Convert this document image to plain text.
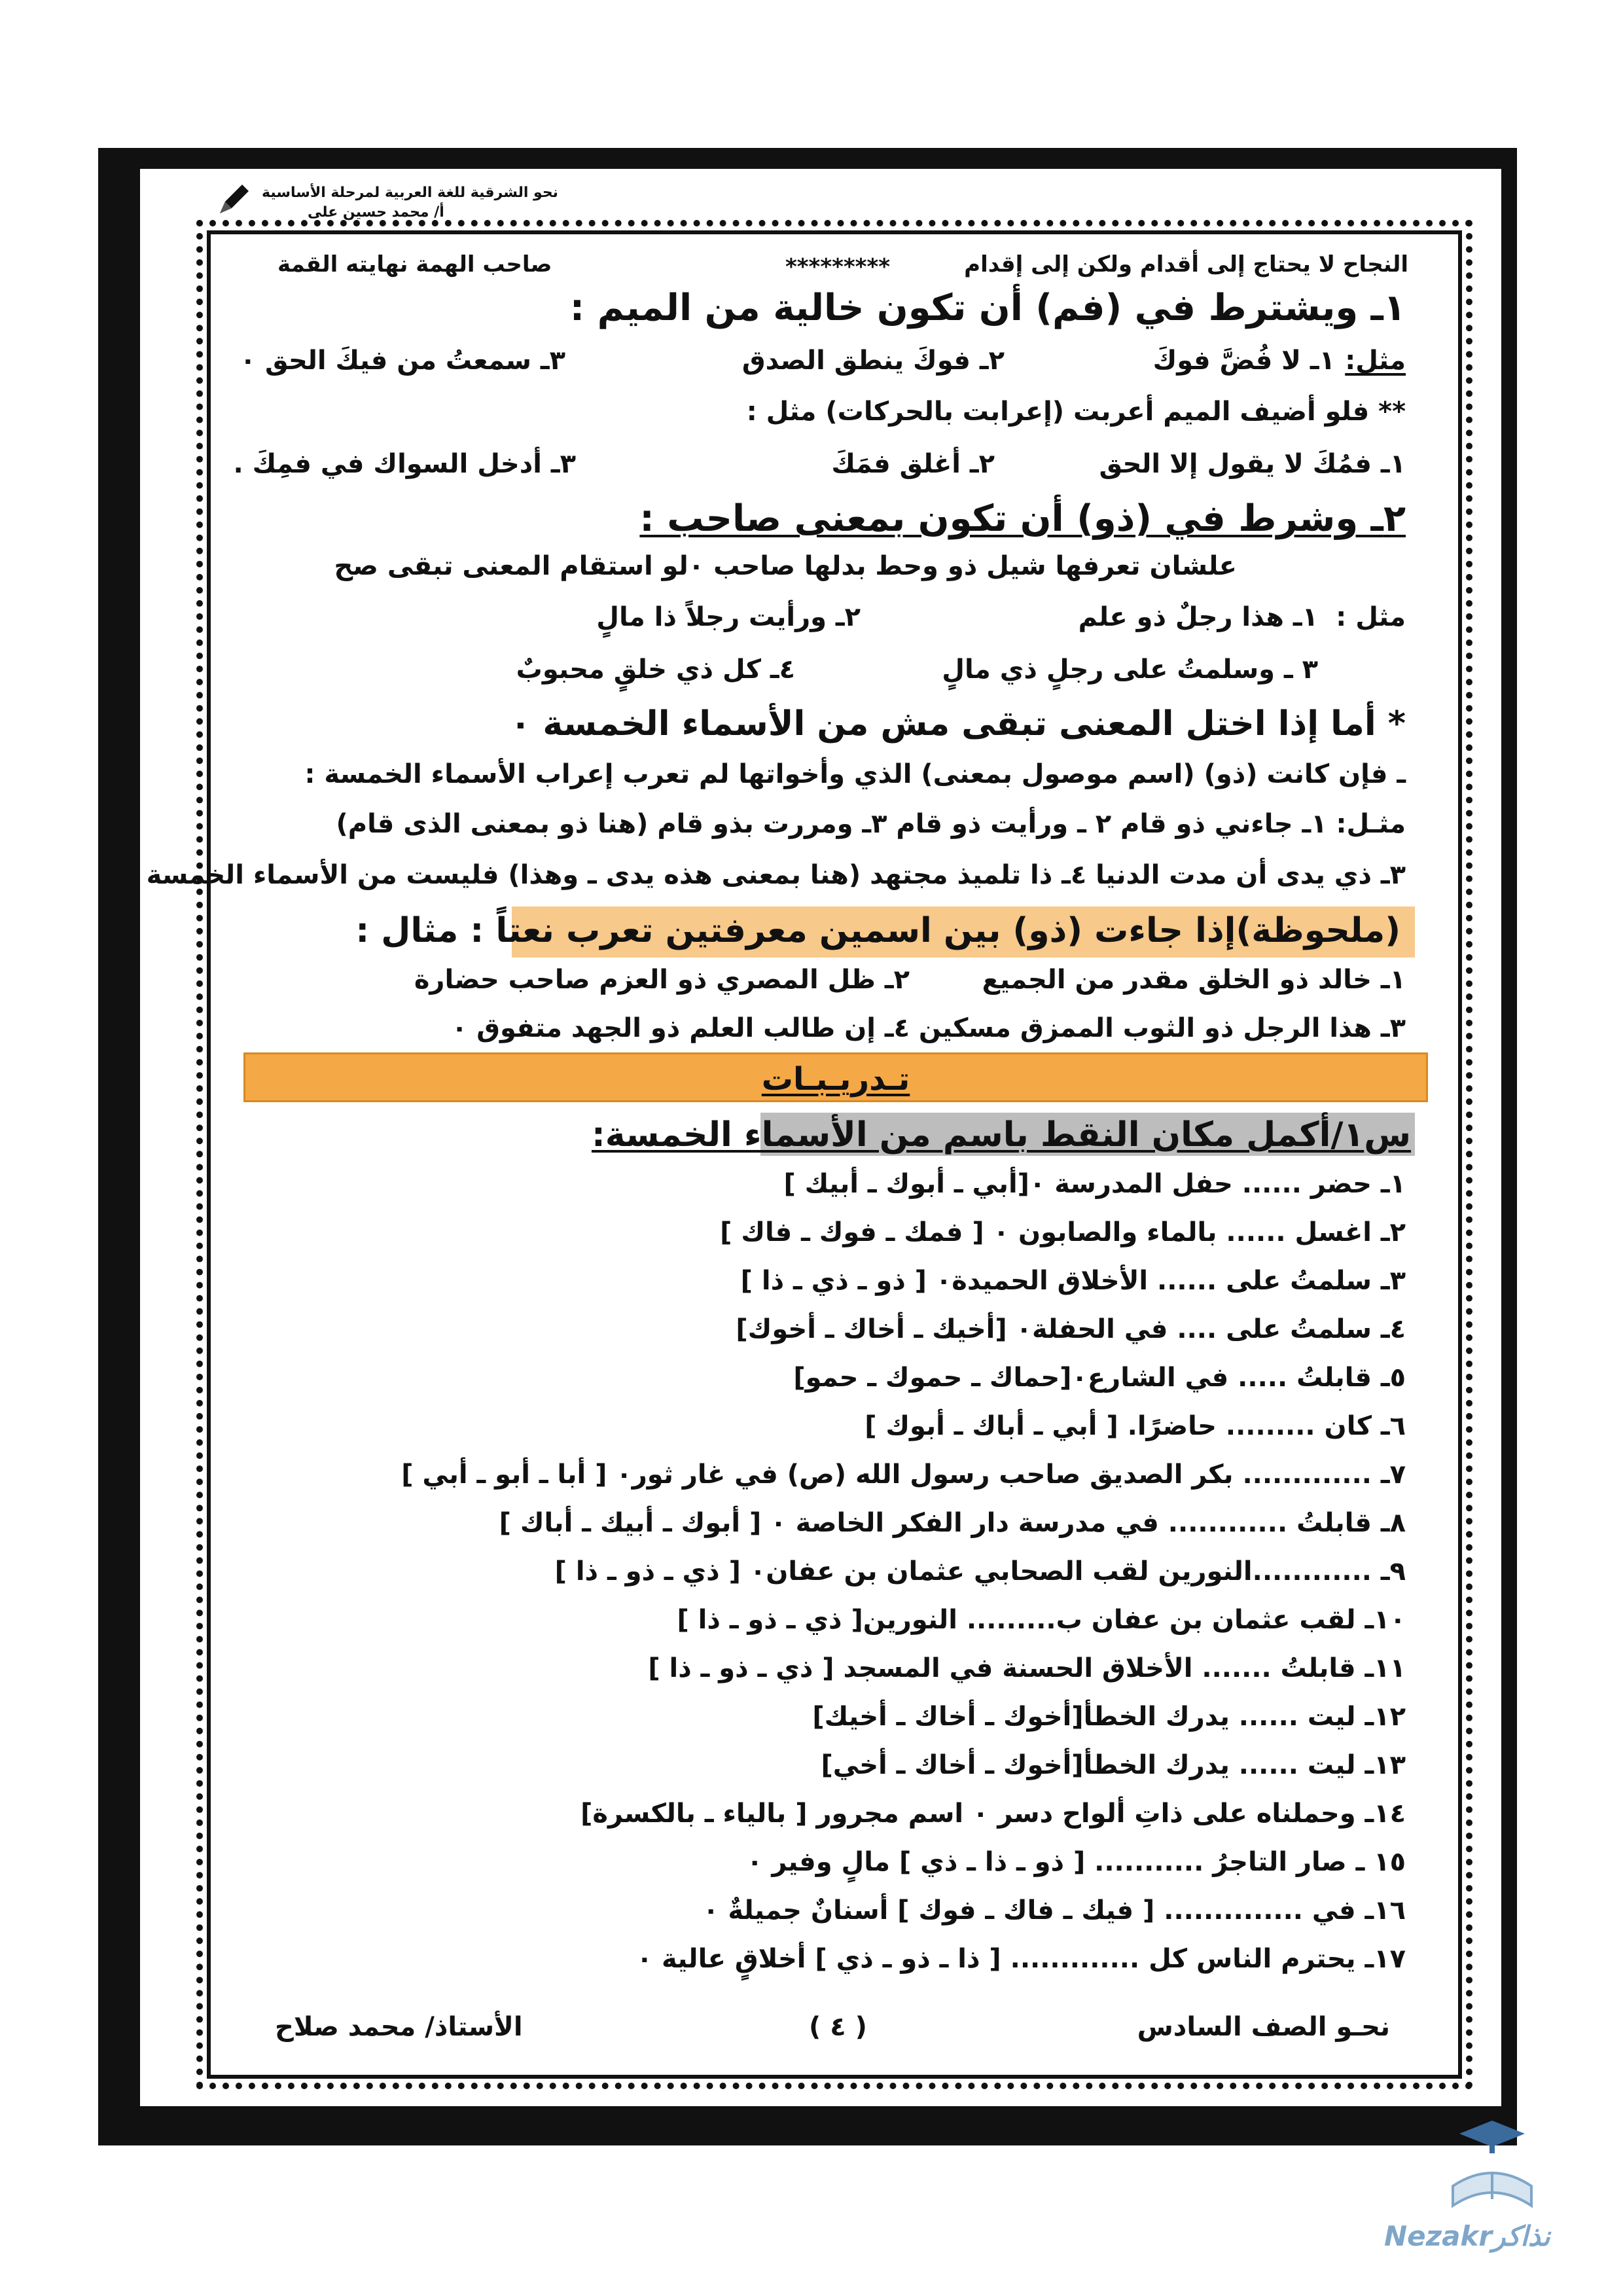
نحو الشرقية للغة العربية لمرحلة الأساسية
أ/ محمد حسين على
النجاح لا يحتاج إلى أقدام ولكن إلى إقدام
*********
صاحب الهمة نهايته القمة
١ـ ويشترط في (فم) أن تكون خالية من الميم :
مثل:
١ـ لا فُضَّ فوكَ
٢ـ فوكَ ينطق الصدق
٣ـ سمعتُ من فيكَ الحق ٠
** فلو أضيف الميم أعربت (إعرابت بالحركات) مثل :
١ـ فمُكَ لا يقول إلا الحق
٢ـ أغلق فمَكَ
٣ـ أدخل السواك في فمِكَ .
٢ـ وشرط في (ذو) أن تكون بمعنى صاحب :
علشان تعرفها شيل ذو وحط بدلها صاحب ٠لو استقام المعنى تبقى صح
مثل :
١ـ هذا رجلٌ ذو علم
٢ـ ورأيت رجلاً ذا مالٍ
٣ ـ وسلمتُ على رجلٍ ذي مالٍ
٤ـ كل ذي خلقٍ محبوبٌ
* أما إذا اختل المعنى تبقى مش من الأسماء الخمسة ٠
ـ فإن كانت (ذو) (اسم موصول بمعنى) الذي وأخواتها لم تعرب إعراب الأسماء الخمسة :
مثـل: ١ـ جاءني ذو قام ٢ ـ ورأيت ذو قام ٣ـ ومررت بذو قام (هنا ذو بمعنى الذى قام)
٣ـ ذي يدى أن مدت الدنيا ٤ـ ذا تلميذ مجتهد (هنا بمعنى هذه يدى ـ وهذا) فليست من الأسماء الخمسة
(ملحوظة)إذا جاءت (ذو) بين اسمين معرفتين تعرب نعتاً : مثال :
١ـ خالد ذو الخلق مقدر من الجميع
٢ـ ظل المصري ذو العزم صاحب حضارة
٣ـ هذا الرجل ذو الثوب الممزق مسكين
٤ـ إن طالب العلم ذو الجهد متفوق ٠
تـدريـبـات
س١/أكمل مكان النقط باسم من الأسماء الخمسة:
١ـ حضر ...... حفل المدرسة ٠[أبي ـ أبوك ـ أبيك ]
٢ـ اغسل ...... بالماء والصابون ٠ [ فمك ـ فوك ـ فاك ]
٣ـ سلمتُ على ...... الأخلاق الحميدة٠ [ ذو ـ ذي ـ ذا ]
٤ـ سلمتُ على .... في الحفلة٠ [أخيك ـ أخاك ـ أخوك]
٥ـ قابلتُ ..... في الشارع٠[حماك ـ حموك ـ حمو]
٦ـ كان ......... حاضرًا. [ أبي ـ أباك ـ أبوك ]
٧ـ ............. بكر الصديق صاحب رسول الله (ص) في غار ثور٠ [ أبا ـ أبو ـ أبي ]
٨ـ قابلتُ ............ في مدرسة دار الفكر الخاصة ٠ [ أبوك ـ أبيك ـ أباك ]
٩ـ ............النورين لقب الصحابي عثمان بن عفان٠ [ ذي ـ ذو ـ ذا ]
١٠ـ لقب عثمان بن عفان ب......... النورين[ ذي ـ ذو ـ ذا ]
١١ـ قابلتُ ....... الأخلاق الحسنة في المسجد [ ذي ـ ذو ـ ذا ]
١٢ـ ليت ...... يدرك الخطأ[أخوك ـ أخاك ـ أخيك]
١٣ـ ليت ...... يدرك الخطأ[أخوك ـ أخاك ـ أخي]
١٤ـ وحملناه على ذاتِ ألواح دسر ٠ اسم مجرور [ بالياء ـ بالكسرة]
١٥ ـ صار التاجرُ ........... [ ذو ـ ذا ـ ذي ] مالٍ وفير ٠
١٦ـ في .............. [ فيك ـ فاك ـ فوك ] أسنانٌ جميلةٌ ٠
١٧ـ يحترم الناس كل ............. [ ذا ـ ذو ـ ذي ] أخلاقٍ عالية ٠
نحـو الصف السادس
( ٤ )
الأستاذ/ محمد صلاح
Nezakrنذاكر
